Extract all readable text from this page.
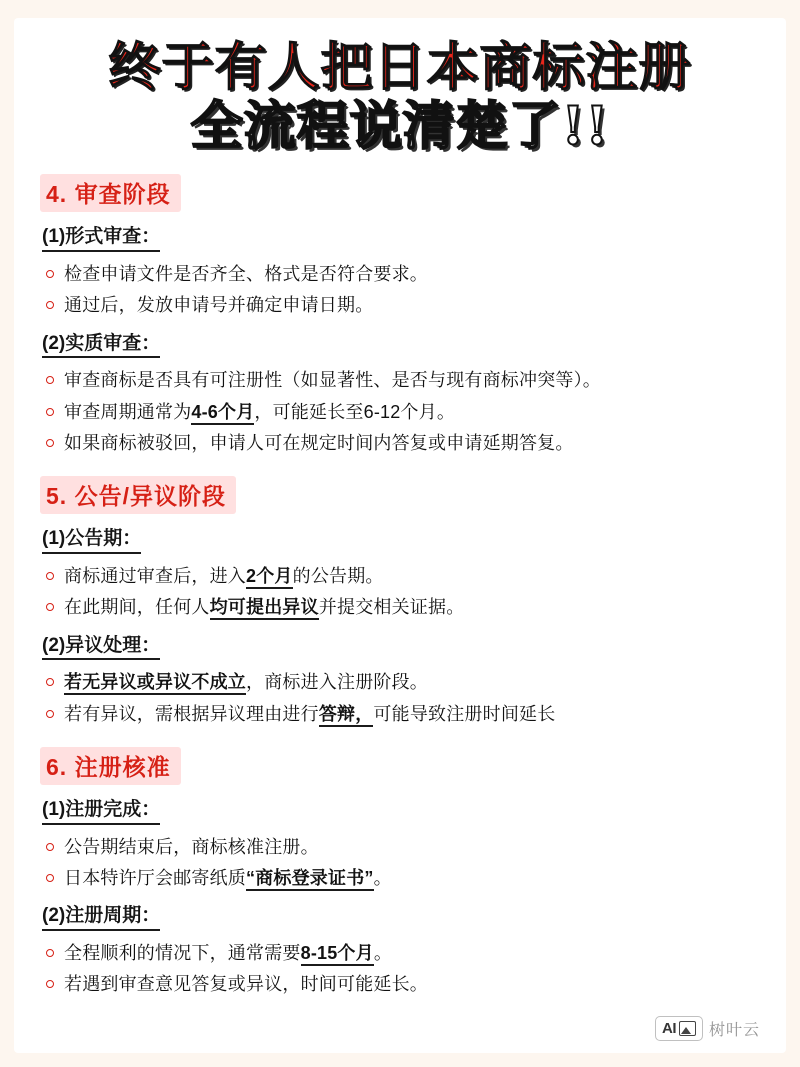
终于有人把日本商标注册
全流程说清楚了!!
4. 审查阶段
(1)形式审查：
检查申请文件是否齐全、格式是否符合要求。
通过后，发放申请号并确定申请日期。
(2)实质审查：
审查商标是否具有可注册性（如显著性、是否与现有商标冲突等）。
审查周期通常为4-6个月，可能延长至6-12个月。
如果商标被驳回，申请人可在规定时间内答复或申请延期答复。
5. 公告/异议阶段
(1)公告期：
商标通过审查后，进入2个月的公告期。
在此期间，任何人均可提出异议并提交相关证据。
(2)异议处理：
若无异议或异议不成立，商标进入注册阶段。
若有异议，需根据异议理由进行答辩，可能导致注册时间延长
6. 注册核准
(1)注册完成：
公告期结束后，商标核准注册。
日本特许厅会邮寄纸质“商标登录证书”。
(2)注册周期：
全程顺利的情况下，通常需要8-15个月。
若遇到审查意见答复或异议，时间可能延长。
AI 树叶云
